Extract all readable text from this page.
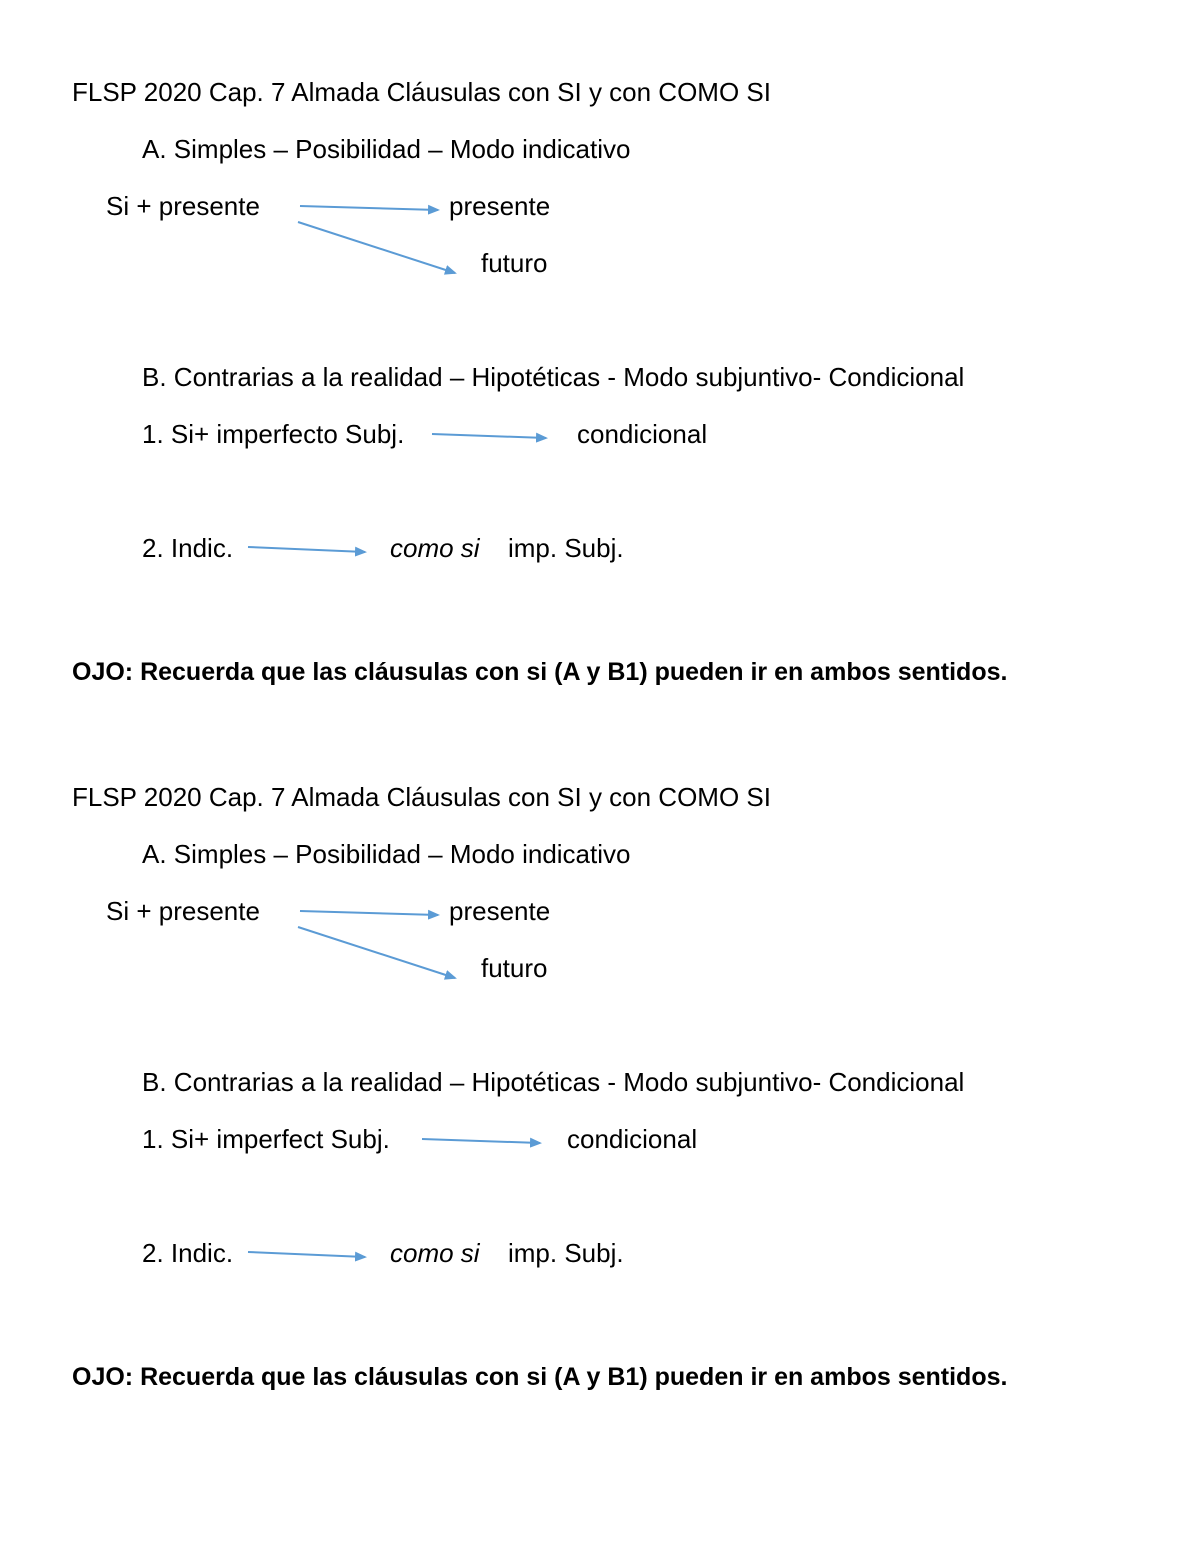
FLSP 2020 Cap. 7 Almada Cláusulas con SI y con COMO SI
A. Simples – Posibilidad – Modo indicativo
Si + presente	presente
futuro
B. Contrarias a la realidad – Hipotéticas - Modo subjuntivo- Condicional
1. Si+ imperfecto Subj.	condicional
2. Indic.	como si imp. Subj.
OJO: Recuerda que las cláusulas con si (A y B1) pueden ir en ambos sentidos.
FLSP 2020 Cap. 7 Almada Cláusulas con SI y con COMO SI
A. Simples – Posibilidad – Modo indicativo
Si + presente	presente
futuro
B. Contrarias a la realidad – Hipotéticas - Modo subjuntivo- Condicional
1. Si+ imperfect Subj.	condicional
2. Indic.	como si imp. Subj.
OJO: Recuerda que las cláusulas con si (A y B1) pueden ir en ambos sentidos.
